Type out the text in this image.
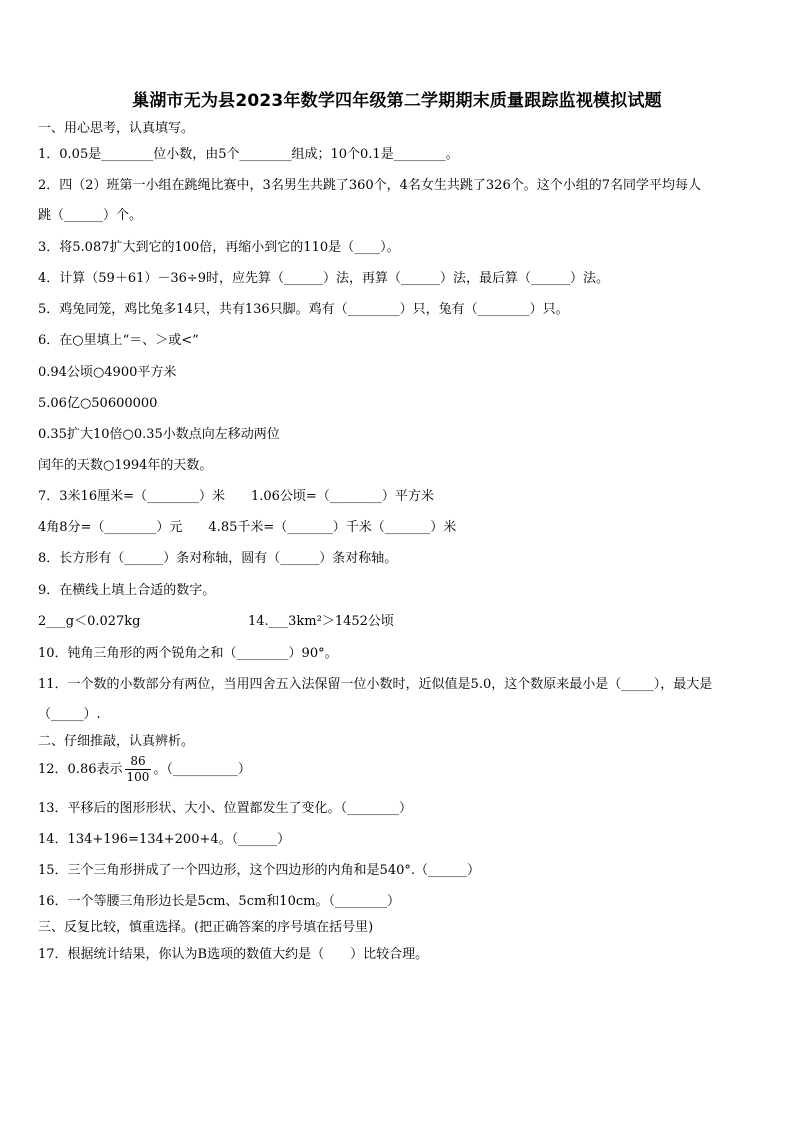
巢湖市无为县2023年数学四年级第二学期期末质量跟踪监视模拟试题
一、用心思考，认真填写。
1．0.05是________位小数，由5个________组成；10个0.1是________。
2．四（2）班第一小组在跳绳比赛中，3名男生共跳了360个，4名女生共跳了326个。这个小组的7名同学平均每人
跳（______）个。
3．将5.087扩大到它的100倍，再缩小到它的110是（____）。
4．计算（59＋61）－36÷9时，应先算（______）法，再算（______）法，最后算（______）法。
5．鸡兔同笼，鸡比兔多14只，共有136只脚。鸡有（________）只，兔有（________）只。
6．在○里填上“＝、＞或<”
0.94公顷○4900平方米
5.06亿○50600000
0.35扩大10倍○0.35小数点向左移动两位
闰年的天数○1994年的天数。
7．3米16厘米=（________）米　　1.06公顷=（________）平方米
4角8分=（________）元　　4.85千米=（_______）千米（_______）米
8．长方形有（______）条对称轴，圆有（______）条对称轴。
9．在横线上填上合适的数字。
2___g＜0.027kg                          14.___3km²＞1452公顷
10．钝角三角形的两个锐角之和（________）90°。
11．一个数的小数部分有两位，当用四舍五入法保留一位小数时，近似值是5.0，这个数原来最小是（_____），最大是
（_____）.
二、仔细推敲，认真辨析。
12．0.86表示 $\frac{86}{100}$ 。（__________）
13．平移后的图形形状、大小、位置都发生了变化。（________）
14．134+196=134+200+4。（______）
15．三个三角形拼成了一个四边形，这个四边形的内角和是540°.（______）
16．一个等腰三角形边长是5cm、5cm和10cm。（________）
三、反复比较，慎重选择。(把正确答案的序号填在括号里)
17．根据统计结果，你认为B选项的数值大约是（　　）比较合理。
